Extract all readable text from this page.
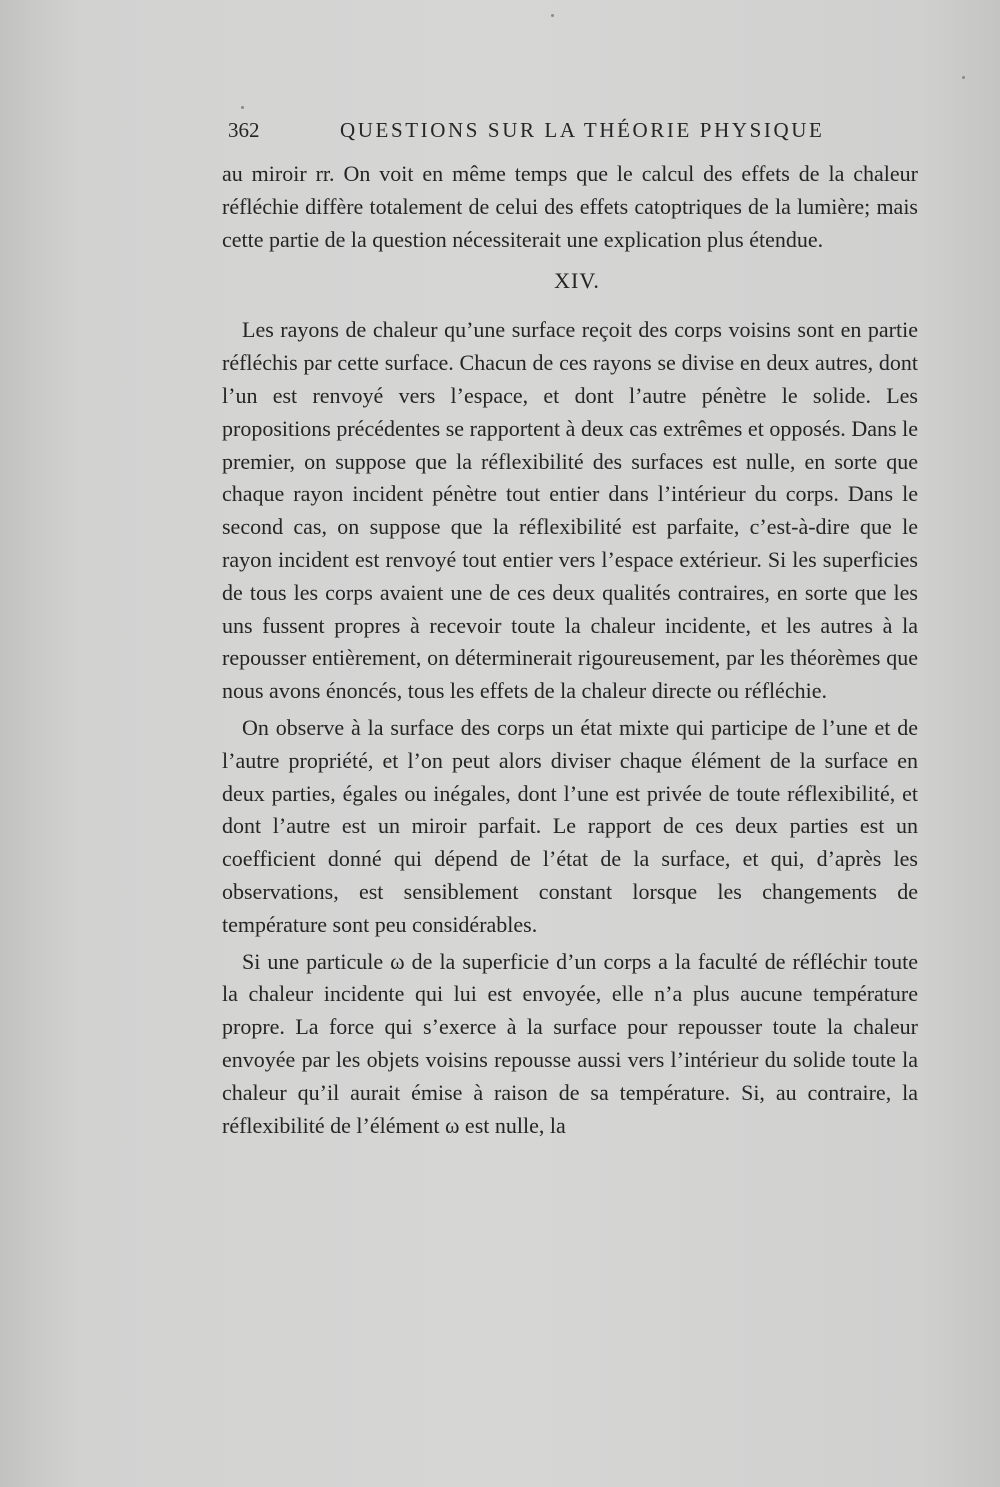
362	QUESTIONS SUR LA THÉORIE PHYSIQUE

au miroir rr. On voit en même temps que le calcul des effets de la chaleur réfléchie diffère totalement de celui des effets catoptriques de la lumière; mais cette partie de la question nécessiterait une explication plus étendue.

XIV.

Les rayons de chaleur qu’une surface reçoit des corps voisins sont en partie réfléchis par cette surface. Chacun de ces rayons se divise en deux autres, dont l’un est renvoyé vers l’espace, et dont l’autre pénètre le solide. Les propositions précédentes se rapportent à deux cas extrêmes et opposés. Dans le premier, on suppose que la réflexibilité des surfaces est nulle, en sorte que chaque rayon incident pénètre tout entier dans l’intérieur du corps. Dans le second cas, on suppose que la réflexibilité est parfaite, c’est-à-dire que le rayon incident est renvoyé tout entier vers l’espace extérieur. Si les superficies de tous les corps avaient une de ces deux qualités contraires, en sorte que les uns fussent propres à recevoir toute la chaleur incidente, et les autres à la repousser entièrement, on déterminerait rigoureusement, par les théorèmes que nous avons énoncés, tous les effets de la chaleur directe ou réfléchie.

On observe à la surface des corps un état mixte qui participe de l’une et de l’autre propriété, et l’on peut alors diviser chaque élément de la surface en deux parties, égales ou inégales, dont l’une est privée de toute réflexibilité, et dont l’autre est un miroir parfait. Le rapport de ces deux parties est un coefficient donné qui dépend de l’état de la surface, et qui, d’après les observations, est sensiblement constant lorsque les changements de température sont peu considérables.

Si une particule ω de la superficie d’un corps a la faculté de réfléchir toute la chaleur incidente qui lui est envoyée, elle n’a plus aucune température propre. La force qui s’exerce à la surface pour repousser toute la chaleur envoyée par les objets voisins repousse aussi vers l’intérieur du solide toute la chaleur qu’il aurait émise à raison de sa température. Si, au contraire, la réflexibilité de l’élément ω est nulle, la
